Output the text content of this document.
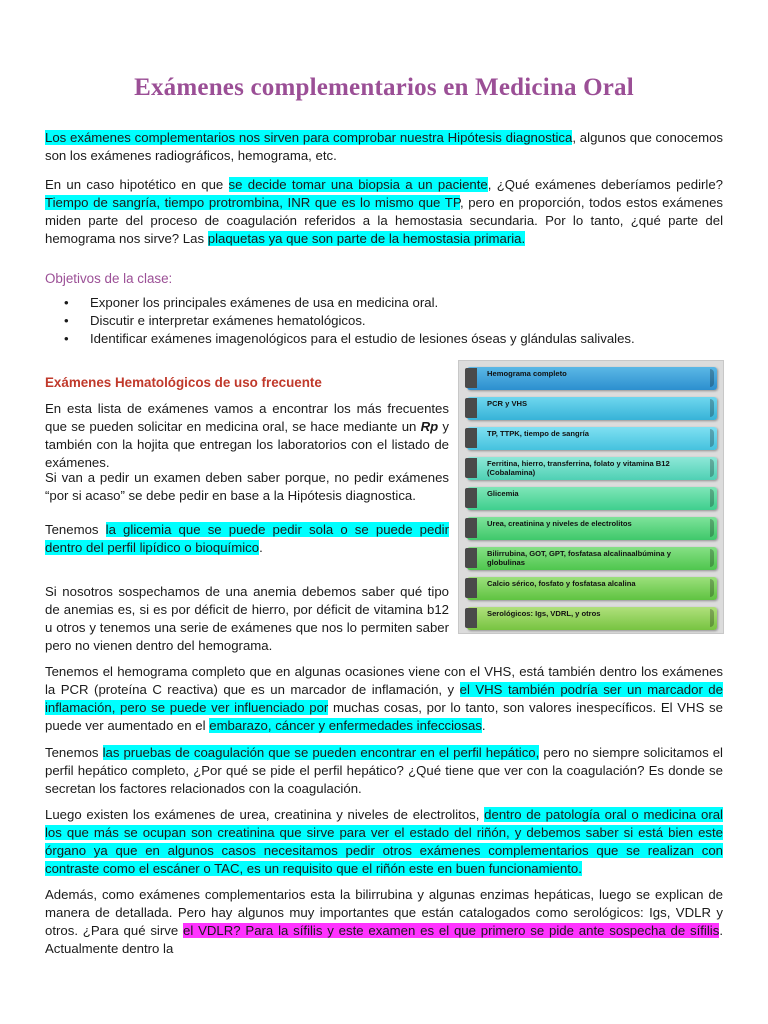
Exámenes complementarios en Medicina Oral

Los exámenes complementarios nos sirven para comprobar nuestra Hipótesis diagnostica, algunos que conocemos son los exámenes radiográficos, hemograma, etc.

En un caso hipotético en que se decide tomar una biopsia a un paciente, ¿Qué exámenes deberíamos pedirle? Tiempo de sangría, tiempo protrombina, INR que es lo mismo que TP, pero en proporción, todos estos exámenes miden parte del proceso de coagulación referidos a la hemostasia secundaria. Por lo tanto, ¿qué parte del hemograma nos sirve? Las plaquetas ya que son parte de la hemostasia primaria.

Objetivos de la clase:
• Exponer los principales exámenes de usa en medicina oral.
• Discutir e interpretar exámenes hematológicos.
• Identificar exámenes imagenológicos para el estudio de lesiones óseas y glándulas salivales.
Exámenes Hematológicos de uso frecuente

En esta lista de exámenes vamos a encontrar los más frecuentes que se pueden solicitar en medicina oral, se hace mediante un Rp y también con la hojita que entregan los laboratorios con el listado de exámenes.

Si van a pedir un examen deben saber porque, no pedir exámenes “por si acaso” se debe pedir en base a la Hipótesis diagnostica.

Tenemos la glicemia que se puede pedir sola o se puede pedir dentro del perfil lipídico o bioquímico.

Si nosotros sospechamos de una anemia debemos saber qué tipo de anemias es, si es por déficit de hierro, por déficit de vitamina b12 u otros y tenemos una serie de exámenes que nos lo permiten saber pero no vienen dentro del hemograma.

Hemograma completo
PCR y VHS
TP, TTPK, tiempo de sangría
Ferritina, hierro, transferrina, folato y vitamina B12 (Cobalamina)
Glicemia
Urea, creatinina y niveles de electrolitos
Bilirrubina, GOT, GPT, fosfatasa alcalinaalbúmina y globulinas
Calcio sérico, fosfato y fosfatasa alcalina
Serológicos: Igs, VDRL, y otros

Tenemos el hemograma completo que en algunas ocasiones viene con el VHS, está también dentro los exámenes la PCR (proteína C reactiva) que es un marcador de inflamación, y el VHS también podría ser un marcador de inflamación, pero se puede ver influenciado por muchas cosas, por lo tanto, son valores inespecíficos. El VHS se puede ver aumentado en el embarazo, cáncer y enfermedades infecciosas.

Tenemos las pruebas de coagulación que se pueden encontrar en el perfil hepático, pero no siempre solicitamos el perfil hepático completo, ¿Por qué se pide el perfil hepático? ¿Qué tiene que ver con la coagulación? Es donde se secretan los factores relacionados con la coagulación.

Luego existen los exámenes de urea, creatinina y niveles de electrolitos, dentro de patología oral o medicina oral los que más se ocupan son creatinina que sirve para ver el estado del riñón, y debemos saber si está bien este órgano ya que en algunos casos necesitamos pedir otros exámenes complementarios que se realizan con contraste como el escáner o TAC, es un requisito que el riñón este en buen funcionamiento.

Además, como exámenes complementarios esta la bilirrubina y algunas enzimas hepáticas, luego se explican de manera de detallada. Pero hay algunos muy importantes que están catalogados como serológicos: Igs, VDLR y otros. ¿Para qué sirve el VDLR? Para la sífilis y este examen es el que primero se pide ante sospecha de sífilis. Actualmente dentro la
